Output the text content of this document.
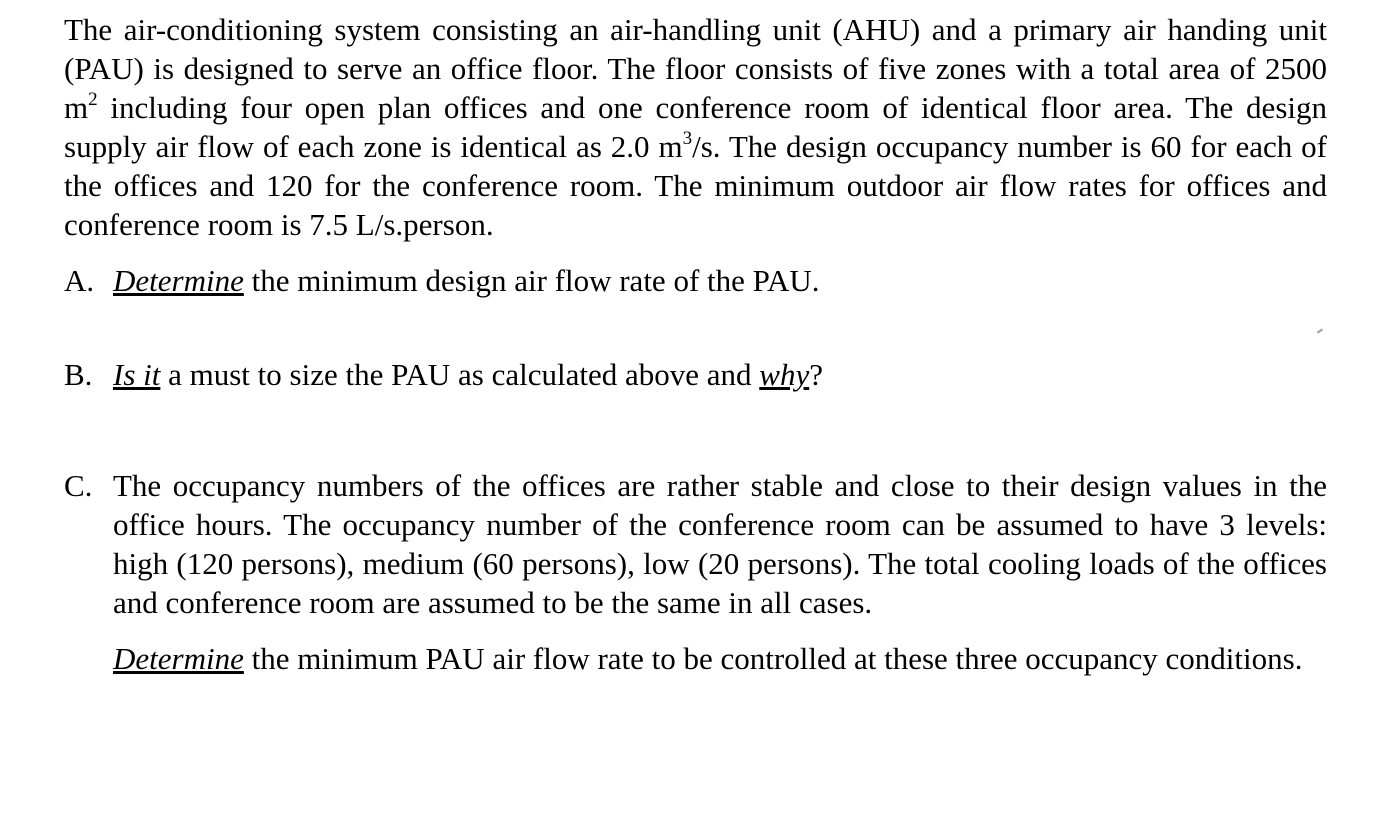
The air-conditioning system consisting an air-handling unit (AHU) and a primary air handing unit (PAU) is designed to serve an office floor. The floor consists of five zones with a total area of 2500 $m^2$ including four open plan offices and one conference room of identical floor area. The design supply air flow of each zone is identical as 2.0 $m^3/s$. The design occupancy number is 60 for each of the offices and 120 for the conference room. The minimum outdoor air flow rates for offices and conference room is 7.5 L/s.person.

A. Determine the minimum design air flow rate of the PAU.

B. Is it a must to size the PAU as calculated above and why?

C. The occupancy numbers of the offices are rather stable and close to their design values in the office hours. The occupancy number of the conference room can be assumed to have 3 levels: high (120 persons), medium (60 persons), low (20 persons). The total cooling loads of the offices and conference room are assumed to be the same in all cases.

Determine the minimum PAU air flow rate to be controlled at these three occupancy conditions.
